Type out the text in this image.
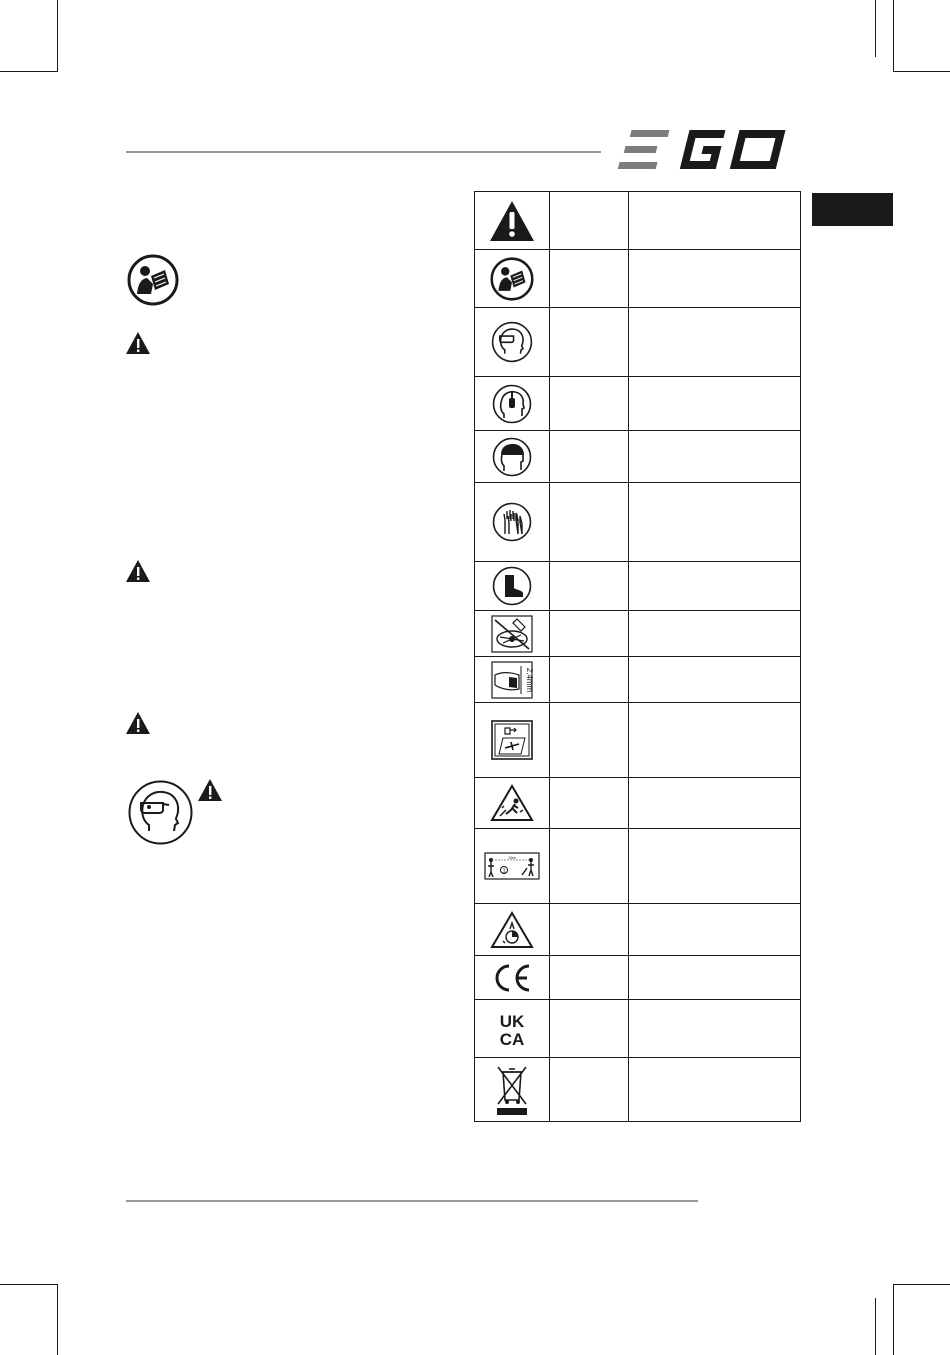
2.4mm		

1
15m		

UK
CA		
